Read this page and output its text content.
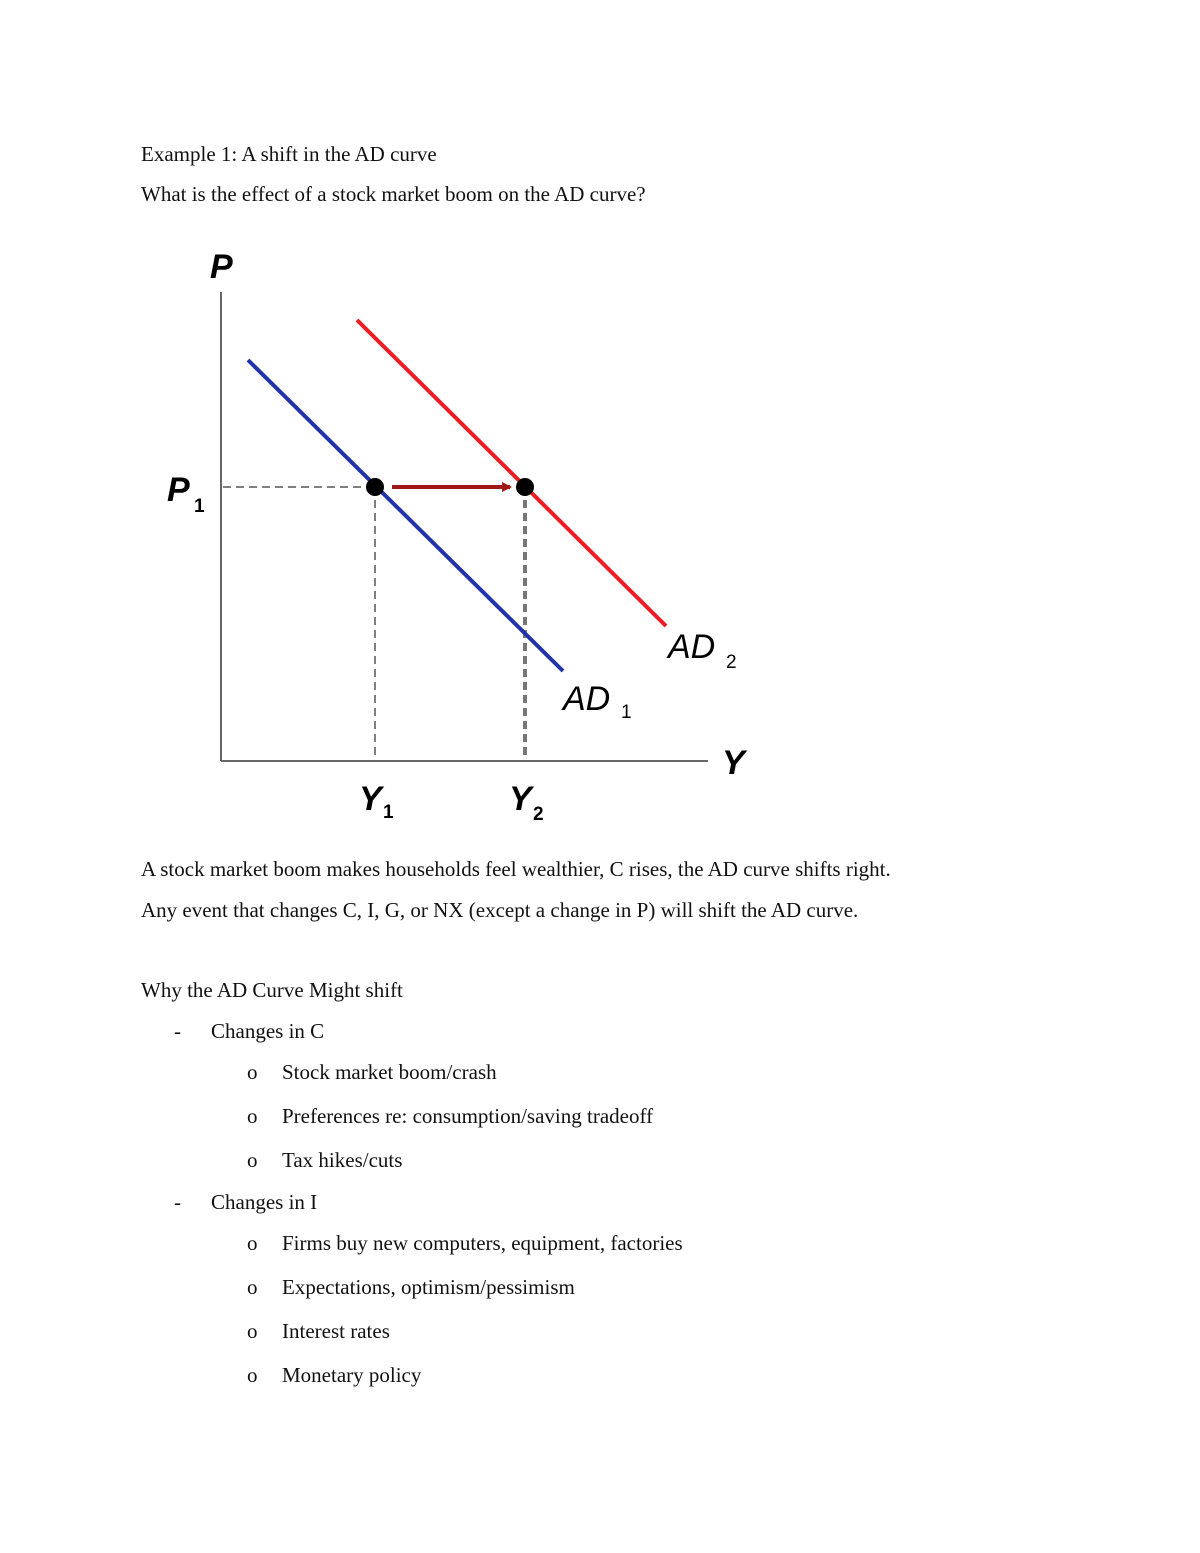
Example 1: A shift in the AD curve
What is the effect of a stock market boom on the AD curve?
P
Y
P 1
Y 1	Y 2
AD 1
AD 2
A stock market boom makes households feel wealthier, C rises, the AD curve shifts right.
Any event that changes C, I, G, or NX (except a change in P) will shift the AD curve.
Why the AD Curve Might shift
- Changes in C
o Stock market boom/crash
o Preferences re: consumption/saving tradeoff
o Tax hikes/cuts
- Changes in I
o Firms buy new computers, equipment, factories
o Expectations, optimism/pessimism
o Interest rates
o Monetary policy
